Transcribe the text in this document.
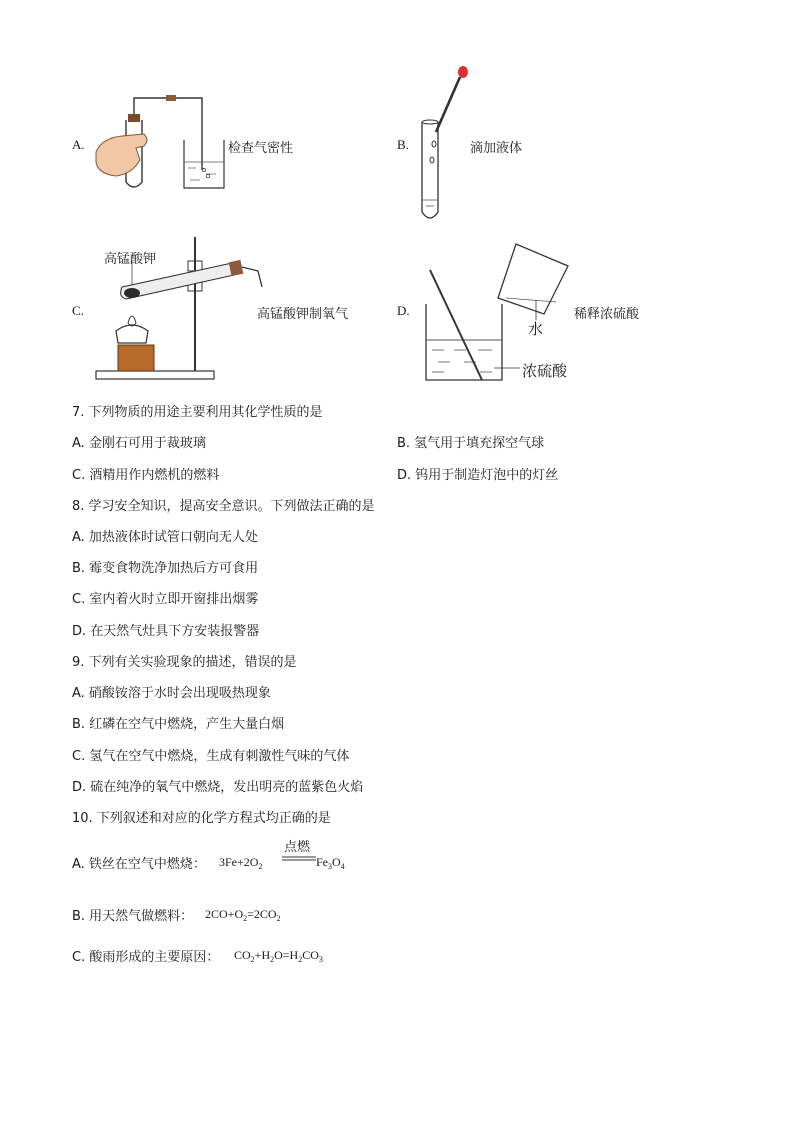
A.	检查气密性	B.	滴加液体
C.
高锰酸钾
高锰酸钾制氧气	D.
水
浓硫酸
稀释浓硫酸
7. 下列物质的用途主要利用其化学性质的是
A. 金刚石可用于裁玻璃	B. 氢气用于填充探空气球
C. 酒精用作内燃机的燃料	D. 钨用于制造灯泡中的灯丝
8. 学习安全知识，提高安全意识。下列做法正确的是
A. 加热液体时试管口朝向无人处
B. 霉变食物洗净加热后方可食用
C. 室内着火时立即开窗排出烟雾
D. 在天然气灶具下方安装报警器
9. 下列有关实验现象的描述，错误的是
A. 硝酸铵溶于水时会出现吸热现象
B. 红磷在空气中燃烧，产生大量白烟
C. 氢气在空气中燃烧，生成有刺激性气味的气体
D. 硫在纯净的氧气中燃烧，发出明亮的蓝紫色火焰
10. 下列叙述和对应的化学方程式均正确的是
A. 铁丝在空气中燃烧： $3Fe+2O_2$
点燃
$Fe_3O_4$
B. 用天然气做燃料： $2CO+O_2=2CO_2$
C. 酸雨形成的主要原因： $CO_2+H_2O=H_2CO_3$
